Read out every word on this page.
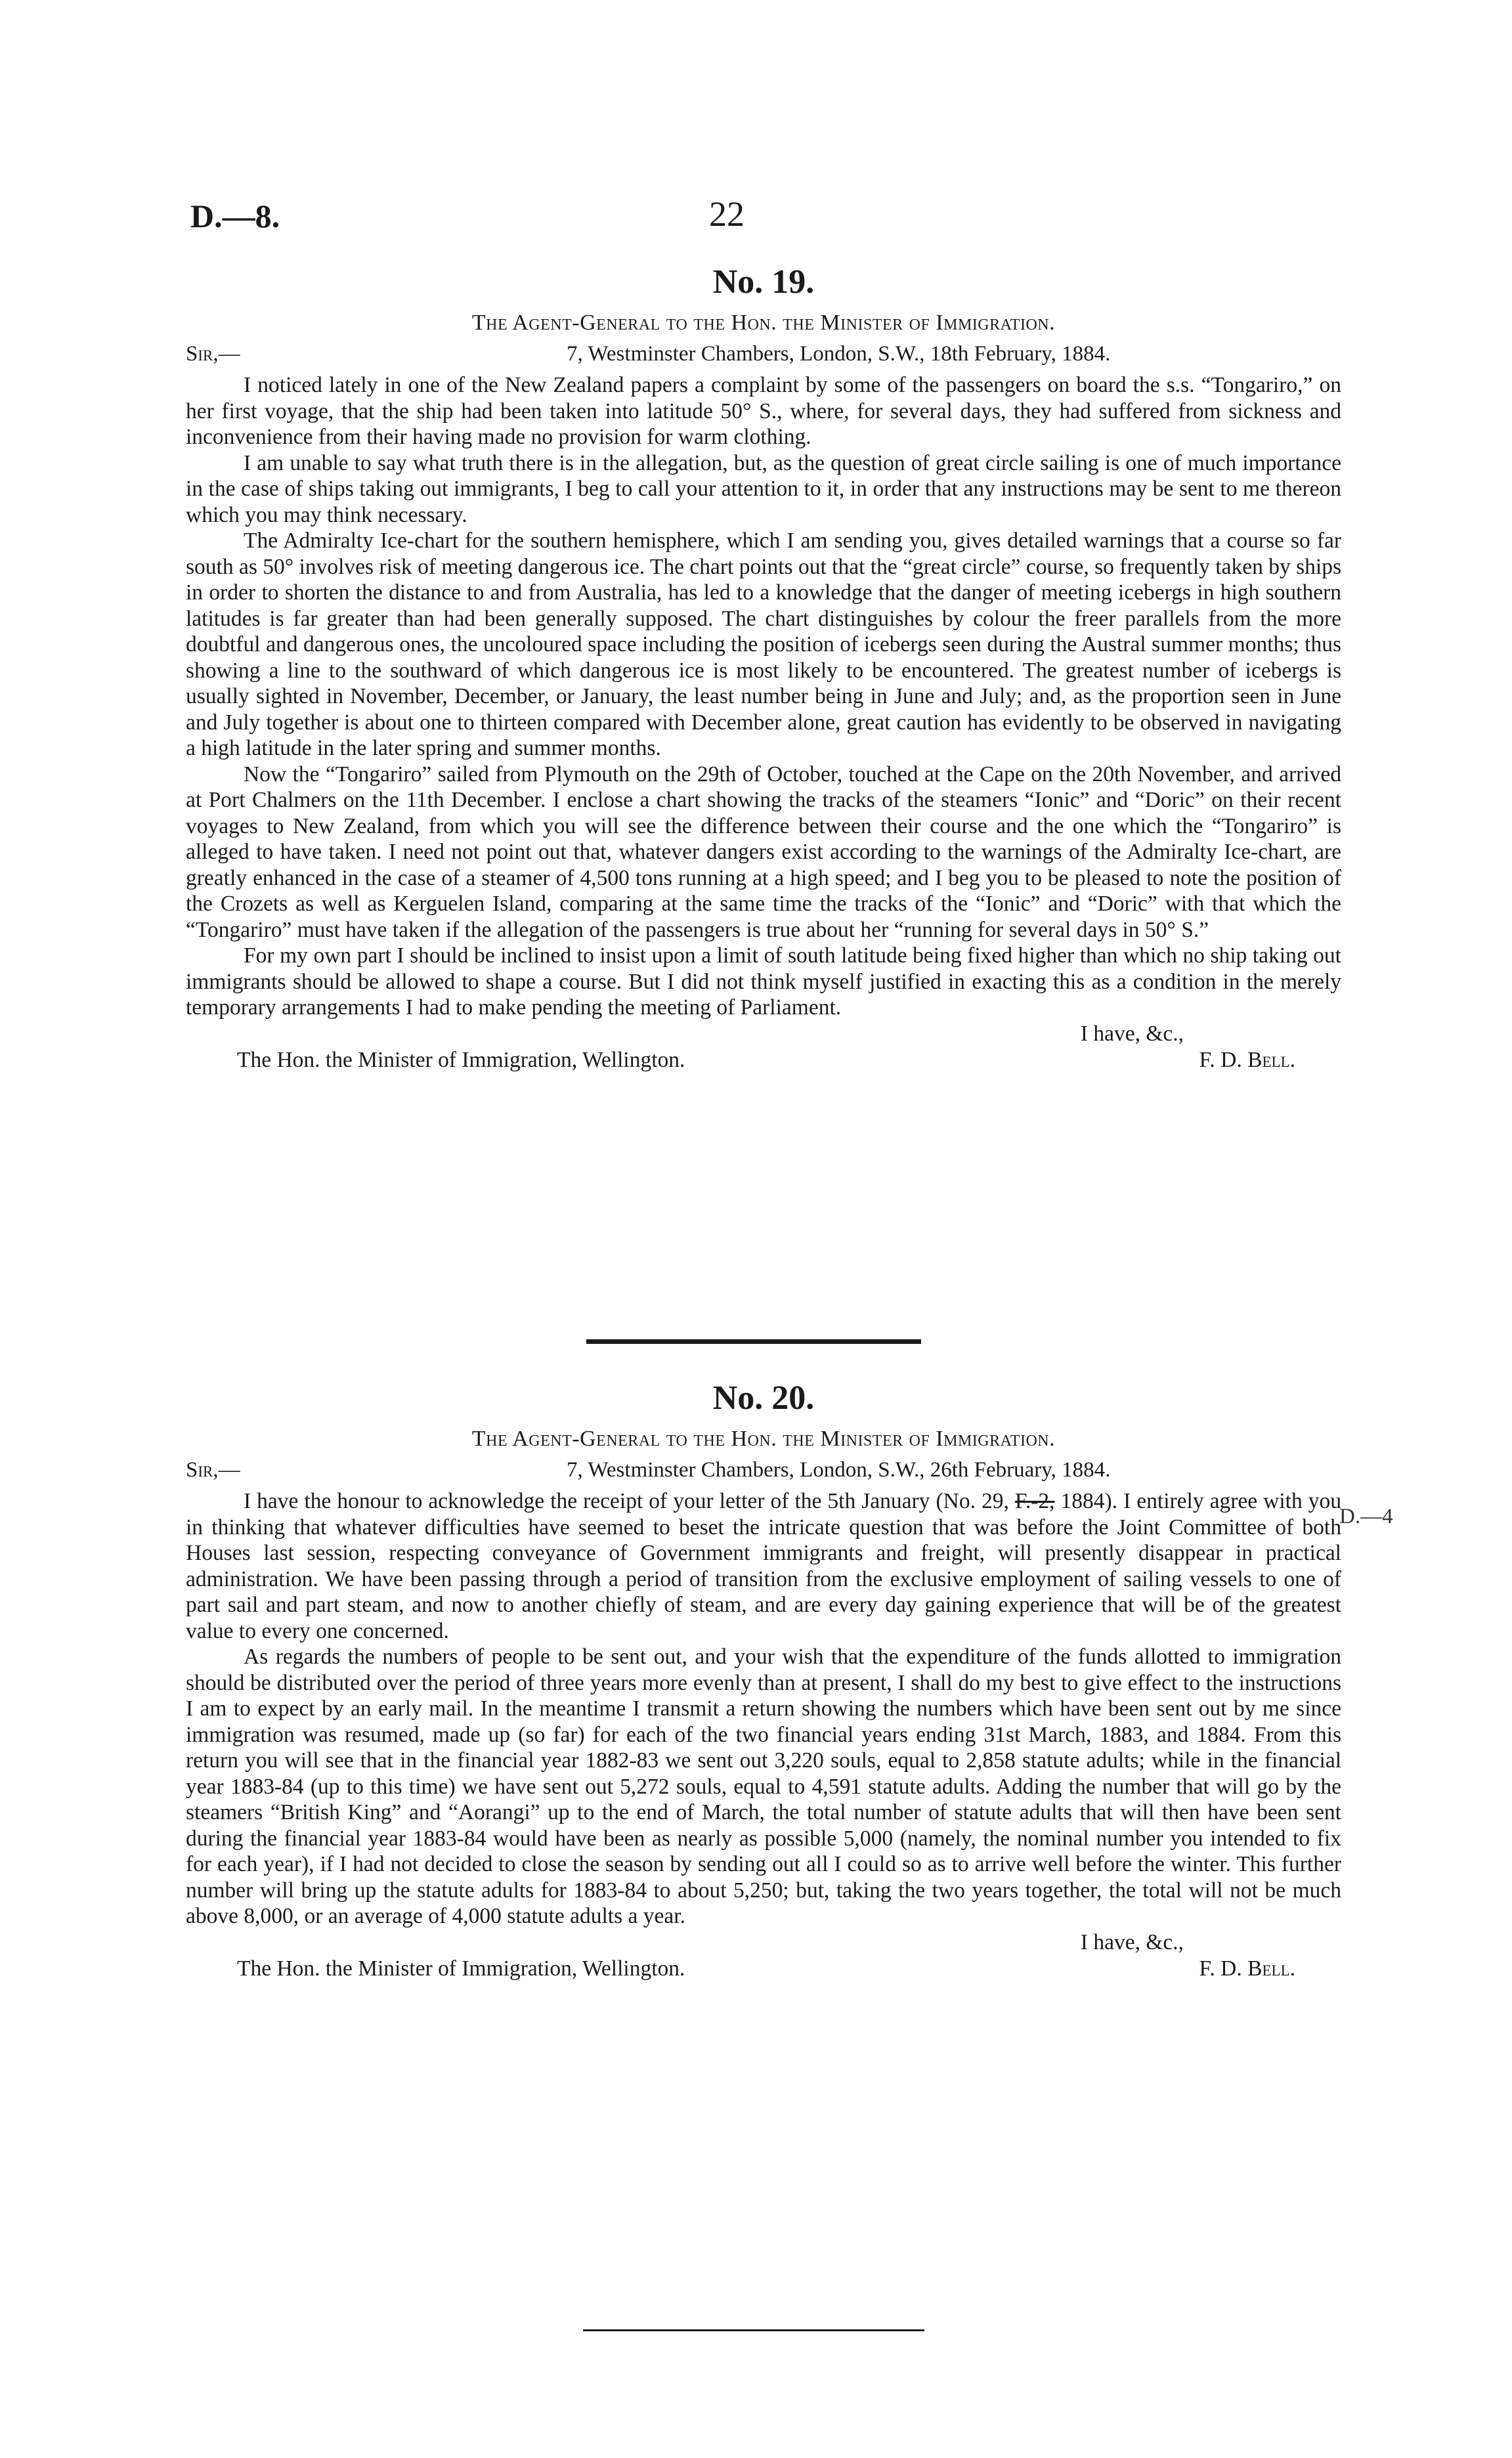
D.—8.	22
No. 19.
The Agent-General to the Hon. the Minister of Immigration.
Sir,—	7, Westminster Chambers, London, S.W., 18th February, 1884.

I noticed lately in one of the New Zealand papers a complaint by some of the passengers on board the s.s. “Tongariro,” on her first voyage, that the ship had been taken into latitude 50° S., where, for several days, they had suffered from sickness and inconvenience from their having made no provision for warm clothing.

I am unable to say what truth there is in the allegation, but, as the question of great circle sailing is one of much importance in the case of ships taking out immigrants, I beg to call your attention to it, in order that any instructions may be sent to me thereon which you may think necessary.

The Admiralty Ice-chart for the southern hemisphere, which I am sending you, gives detailed warnings that a course so far south as 50° involves risk of meeting dangerous ice. The chart points out that the “great circle” course, so frequently taken by ships in order to shorten the distance to and from Australia, has led to a knowledge that the danger of meeting icebergs in high southern latitudes is far greater than had been generally supposed. The chart distinguishes by colour the freer parallels from the more doubtful and dangerous ones, the uncoloured space including the position of icebergs seen during the Austral summer months; thus showing a line to the southward of which dangerous ice is most likely to be encountered. The greatest number of icebergs is usually sighted in November, December, or January, the least number being in June and July; and, as the proportion seen in June and July together is about one to thirteen compared with December alone, great caution has evidently to be observed in navigating a high latitude in the later spring and summer months.

Now the “Tongariro” sailed from Plymouth on the 29th of October, touched at the Cape on the 20th November, and arrived at Port Chalmers on the 11th December. I enclose a chart showing the tracks of the steamers “Ionic” and “Doric” on their recent voyages to New Zealand, from which you will see the difference between their course and the one which the “Tongariro” is alleged to have taken. I need not point out that, whatever dangers exist according to the warnings of the Admiralty Ice-chart, are greatly enhanced in the case of a steamer of 4,500 tons running at a high speed; and I beg you to be pleased to note the position of the Crozets as well as Kerguelen Island, comparing at the same time the tracks of the “Ionic” and “Doric” with that which the “Tongariro” must have taken if the allegation of the passengers is true about her “running for several days in 50° S.”

For my own part I should be inclined to insist upon a limit of south latitude being fixed higher than which no ship taking out immigrants should be allowed to shape a course. But I did not think myself justified in exacting this as a condition in the merely temporary arrangements I had to make pending the meeting of Parliament.

I have, &c.,
The Hon. the Minister of Immigration, Wellington.	F. D. Bell.
No. 20.
The Agent-General to the Hon. the Minister of Immigration.
Sir,—	7, Westminster Chambers, London, S.W., 26th February, 1884.

I have the honour to acknowledge the receipt of your letter of the 5th January (No. 29, F.-2, 1884). I entirely agree with you in thinking that whatever difficulties have seemed to beset the intricate question that was before the Joint Committee of both Houses last session, respecting conveyance of Government immigrants and freight, will presently disappear in practical administration. We have been passing through a period of transition from the exclusive employment of sailing vessels to one of part sail and part steam, and now to another chiefly of steam, and are every day gaining experience that will be of the greatest value to every one concerned.

As regards the numbers of people to be sent out, and your wish that the expenditure of the funds allotted to immigration should be distributed over the period of three years more evenly than at present, I shall do my best to give effect to the instructions I am to expect by an early mail. In the meantime I transmit a return showing the numbers which have been sent out by me since immigration was resumed, made up (so far) for each of the two financial years ending 31st March, 1883, and 1884. From this return you will see that in the financial year 1882-83 we sent out 3,220 souls, equal to 2,858 statute adults; while in the financial year 1883-84 (up to this time) we have sent out 5,272 souls, equal to 4,591 statute adults. Adding the number that will go by the steamers “British King” and “Aorangi” up to the end of March, the total number of statute adults that will then have been sent during the financial year 1883-84 would have been as nearly as possible 5,000 (namely, the nominal number you intended to fix for each year), if I had not decided to close the season by sending out all I could so as to arrive well before the winter. This further number will bring up the statute adults for 1883-84 to about 5,250; but, taking the two years together, the total will not be much above 8,000, or an average of 4,000 statute adults a year.

I have, &c.,
The Hon. the Minister of Immigration, Wellington.	F. D. Bell.
D.—4
